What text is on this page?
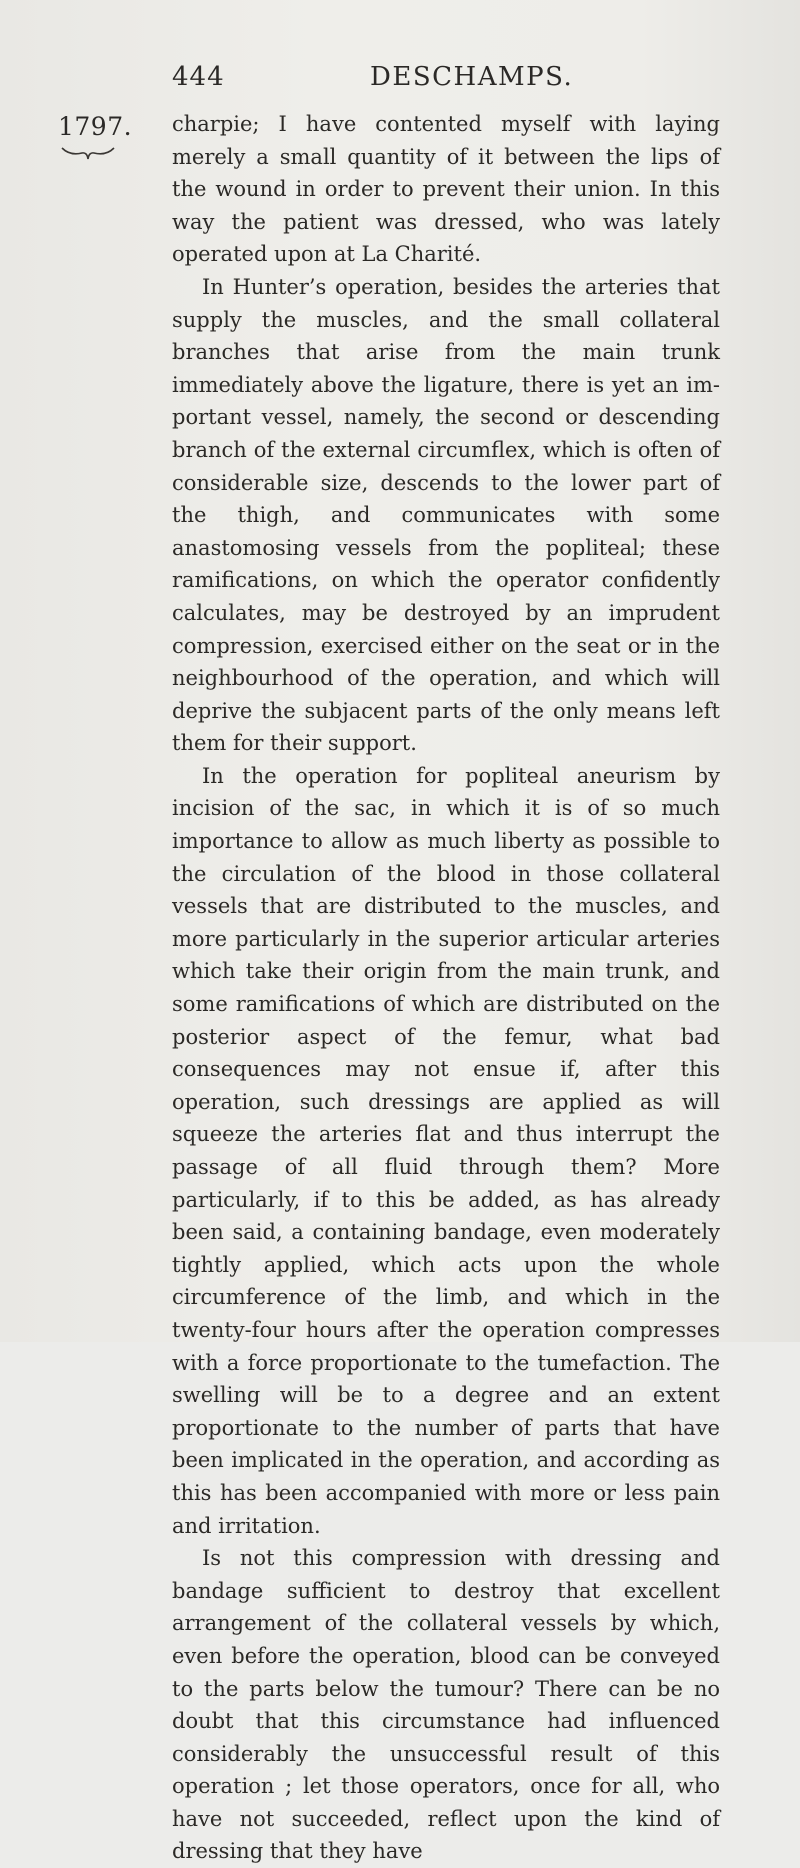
444	DESCHAMPS.
1797. charpie; I have contented myself with laying merely a small quantity of it between the lips of the wound in order to prevent their union. In this way the patient was dressed, who was lately operated upon at La Charité.

In Hunter’s operation, besides the arteries that supply the muscles, and the small collateral branches that arise from the main trunk immediately above the ligature, there is yet an important vessel, namely, the second or descending branch of the external circumflex, which is often of considerable size, descends to the lower part of the thigh, and communicates with some anastomosing vessels from the popliteal; these ramifications, on which the operator confidently calculates, may be destroyed by an imprudent compression, exercised either on the seat or in the neighbourhood of the operation, and which will deprive the subjacent parts of the only means left them for their support.

In the operation for popliteal aneurism by incision of the sac, in which it is of so much importance to allow as much liberty as possible to the circulation of the blood in those collateral vessels that are distributed to the muscles, and more particularly in the superior articular arteries which take their origin from the main trunk, and some ramifications of which are distributed on the posterior aspect of the femur, what bad consequences may not ensue if, after this operation, such dressings are applied as will squeeze the arteries flat and thus interrupt the passage of all fluid through them? More particularly, if to this be added, as has already been said, a containing bandage, even moderately tightly applied, which acts upon the whole circumference of the limb, and which in the twenty-four hours after the operation compresses with a force proportionate to the tumefaction. The swelling will be to a degree and an extent proportionate to the number of parts that have been implicated in the operation, and according as this has been accompanied with more or less pain and irritation.

Is not this compression with dressing and bandage sufficient to destroy that excellent arrangement of the collateral vessels by which, even before the operation, blood can be conveyed to the parts below the tumour? There can be no doubt that this circumstance had influenced considerably the unsuccessful result of this operation ; let those operators, once for all, who have not succeeded, reflect upon the kind of dressing that they have
